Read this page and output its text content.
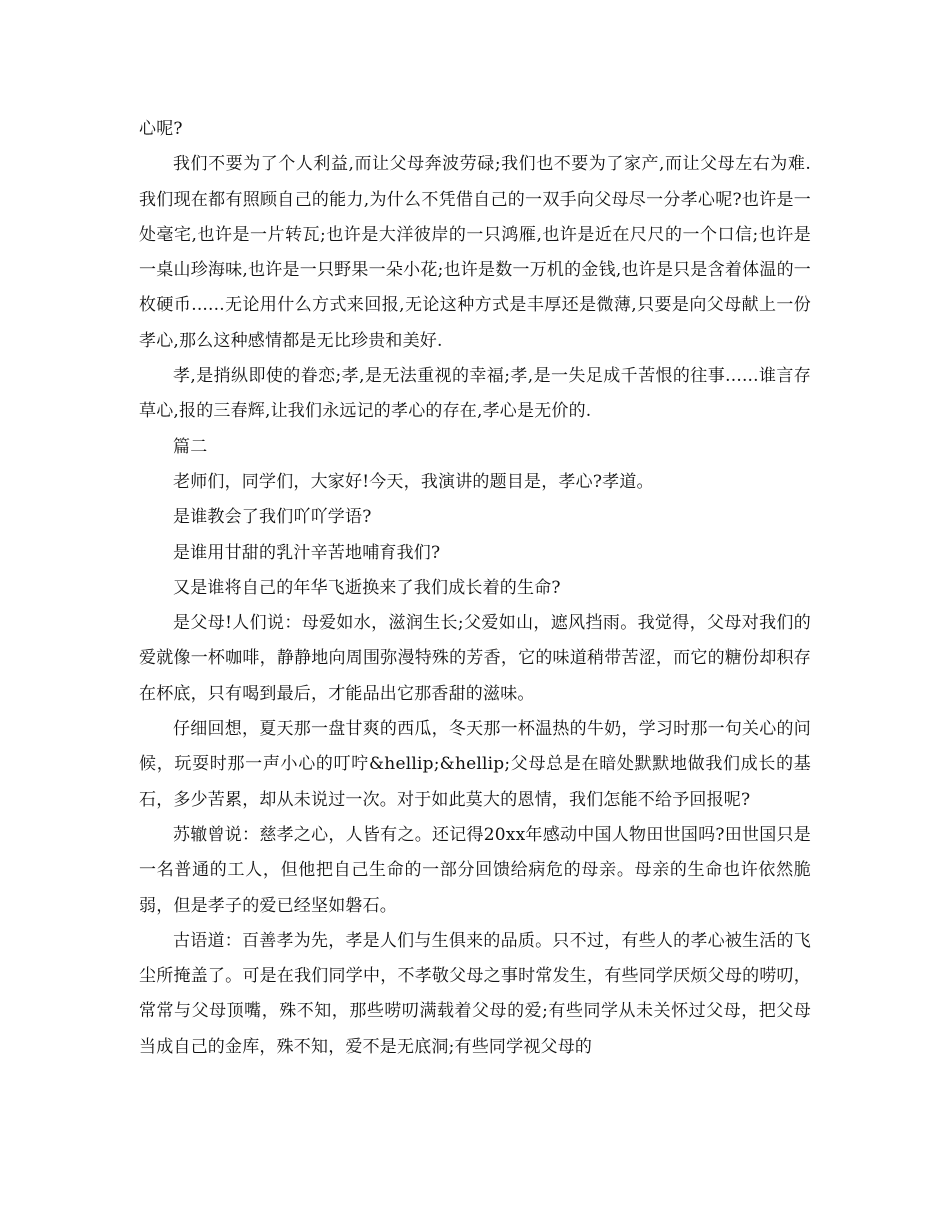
心呢?

我们不要为了个人利益,而让父母奔波劳碌;我们也不要为了家产,而让父母左右为难.我们现在都有照顾自己的能力,为什么不凭借自己的一双手向父母尽一分孝心呢?也许是一处毫宅,也许是一片转瓦;也许是大洋彼岸的一只鸿雁,也许是近在尺尺的一个口信;也许是一桌山珍海味,也许是一只野果一朵小花;也许是数一万机的金钱,也许是只是含着体温的一枚硬币......无论用什么方式来回报,无论这种方式是丰厚还是微薄,只要是向父母献上一份孝心,那么这种感情都是无比珍贵和美好.

孝,是捎纵即使的眷恋;孝,是无法重视的幸福;孝,是一失足成千苦恨的往事......谁言存草心,报的三春辉,让我们永远记的孝心的存在,孝心是无价的.

篇二

老师们，同学们，大家好!今天，我演讲的题目是，孝心?孝道。

是谁教会了我们吖吖学语?

是谁用甘甜的乳汁辛苦地哺育我们?

又是谁将自己的年华飞逝换来了我们成长着的生命?

是父母!人们说：母爱如水，滋润生长;父爱如山，遮风挡雨。我觉得，父母对我们的爱就像一杯咖啡，静静地向周围弥漫特殊的芳香，它的味道稍带苦涩，而它的糖份却积存在杯底，只有喝到最后，才能品出它那香甜的滋味。

仔细回想，夏天那一盘甘爽的西瓜，冬天那一杯温热的牛奶，学习时那一句关心的问候，玩耍时那一声小心的叮咛&hellip;&hellip;父母总是在暗处默默地做我们成长的基石，多少苦累，却从未说过一次。对于如此莫大的恩情，我们怎能不给予回报呢?

苏辙曾说：慈孝之心，人皆有之。还记得20xx年感动中国人物田世国吗?田世国只是一名普通的工人，但他把自己生命的一部分回馈给病危的母亲。母亲的生命也许依然脆弱，但是孝子的爱已经坚如磐石。

古语道：百善孝为先，孝是人们与生俱来的品质。只不过，有些人的孝心被生活的飞尘所掩盖了。可是在我们同学中，不孝敬父母之事时常发生，有些同学厌烦父母的唠叨，常常与父母顶嘴，殊不知，那些唠叨满载着父母的爱;有些同学从未关怀过父母，把父母当成自己的金库，殊不知，爱不是无底洞;有些同学视父母的
